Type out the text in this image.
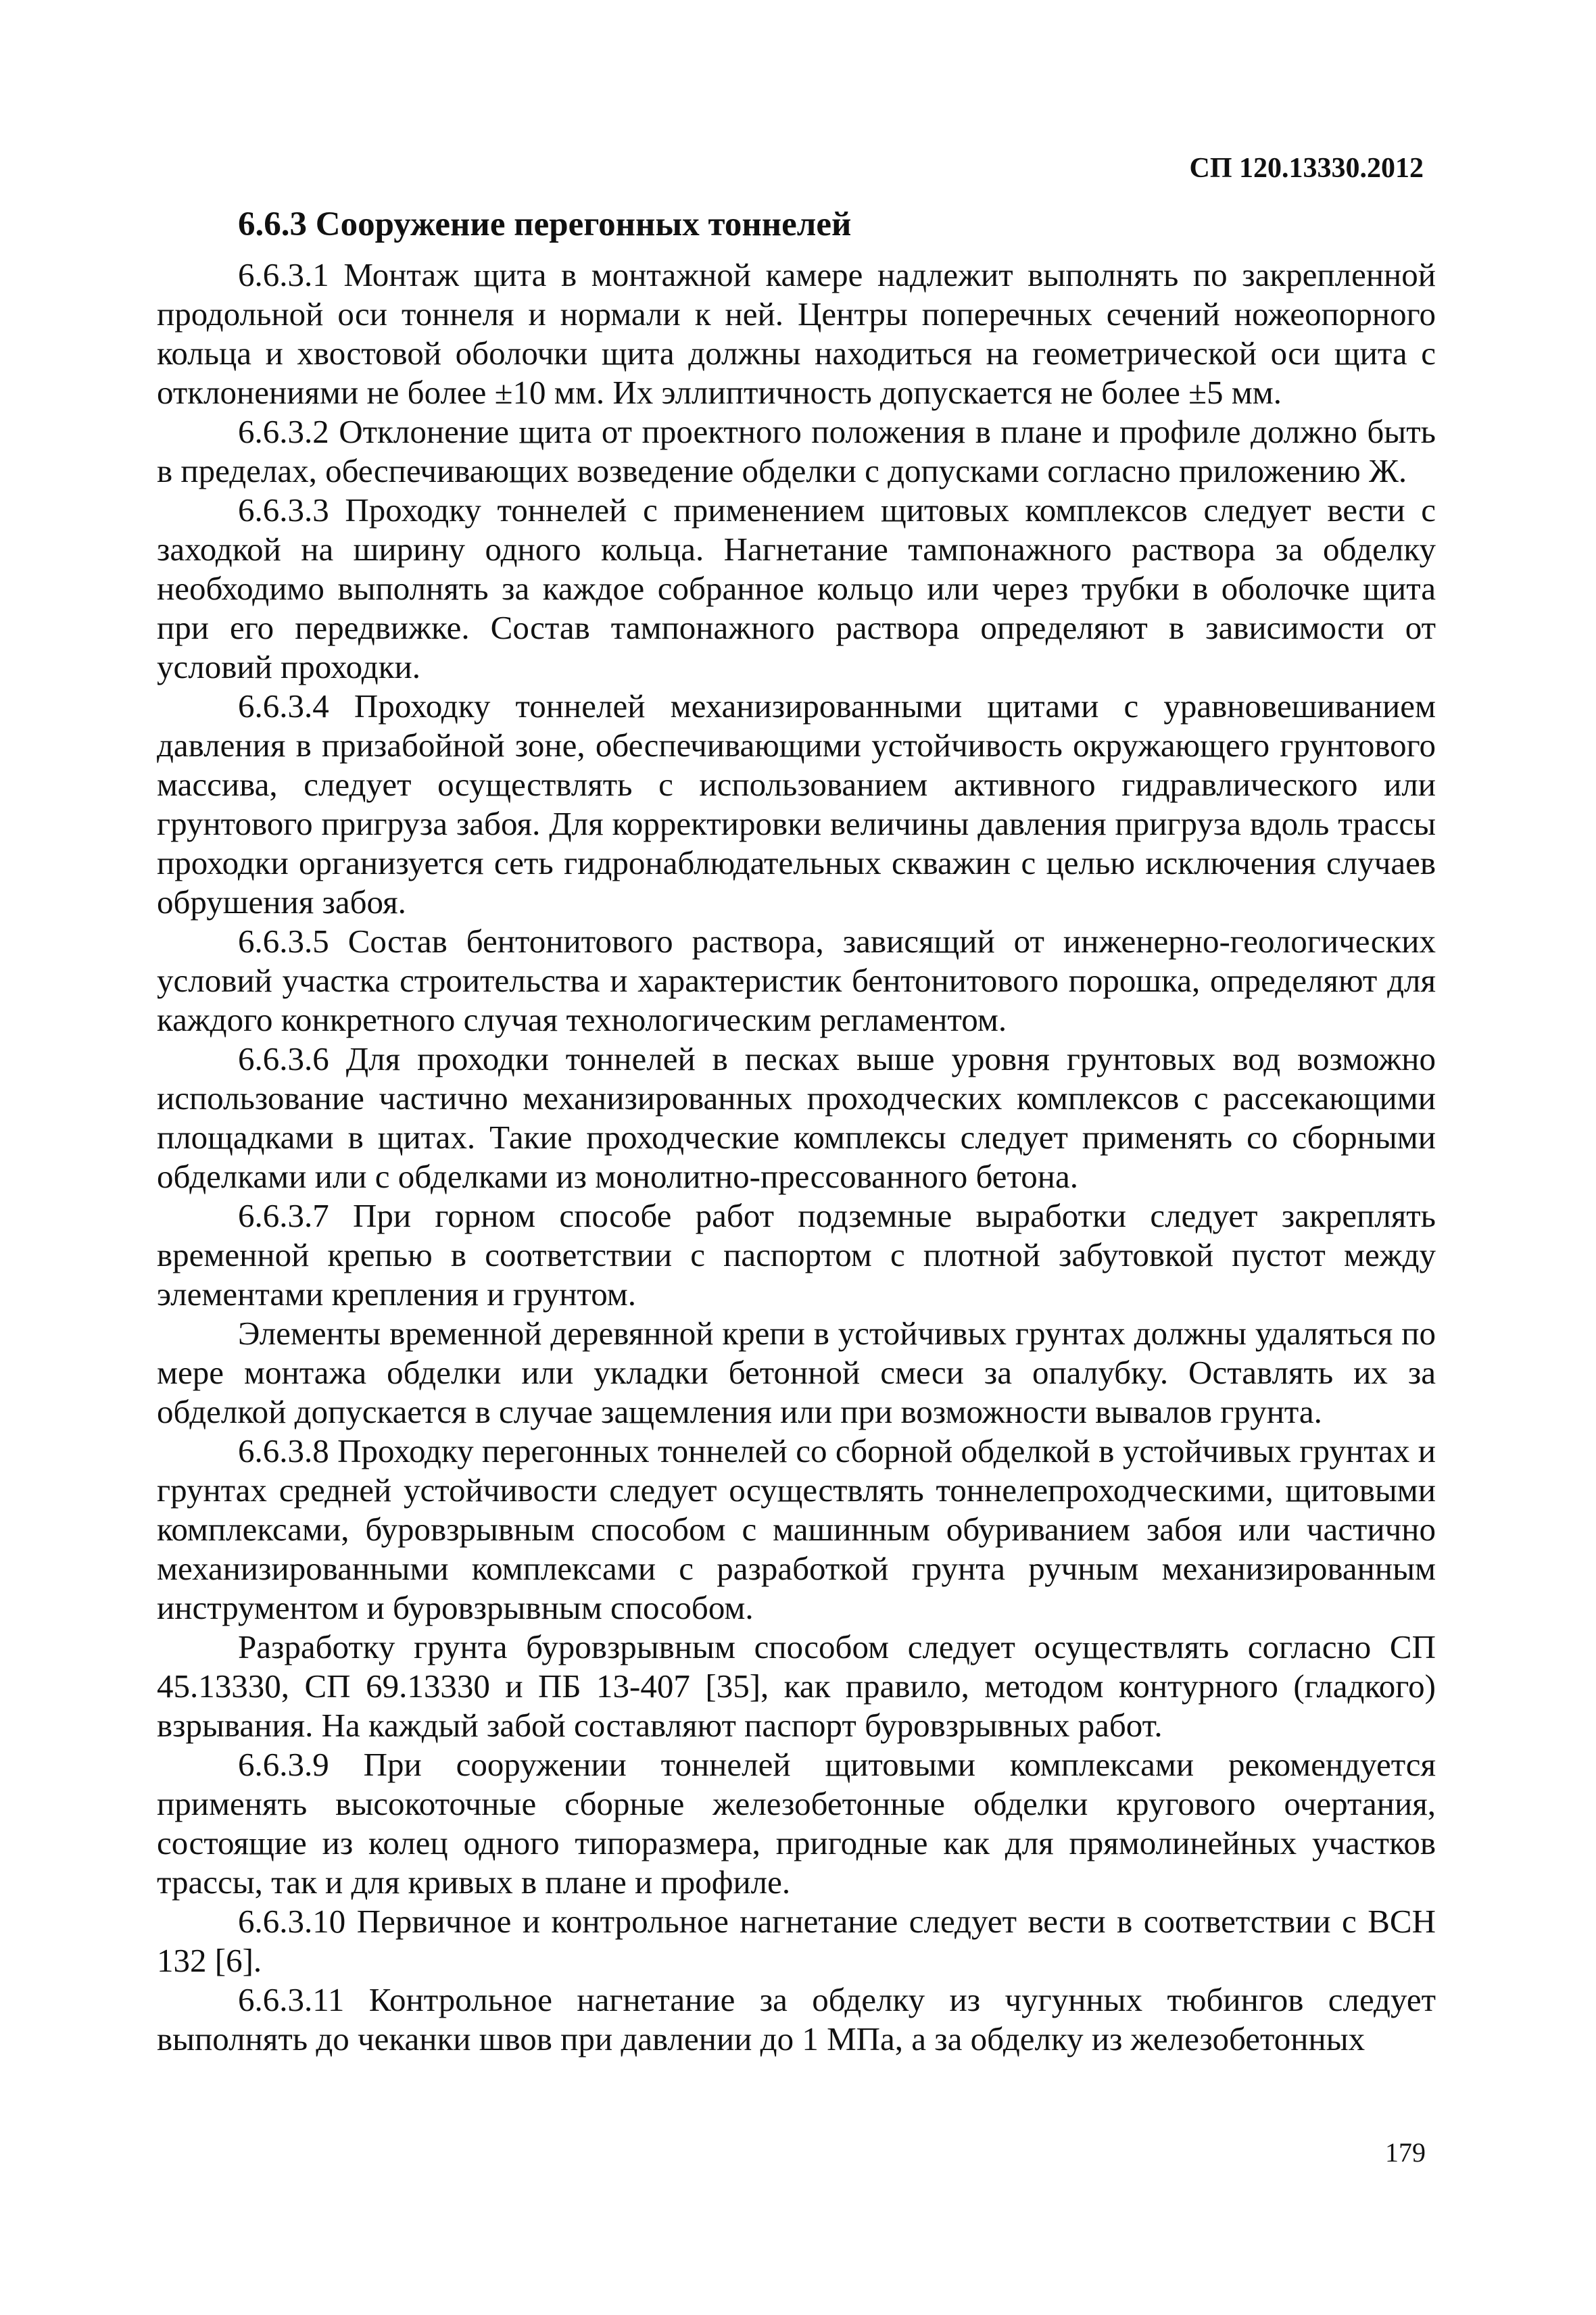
СП 120.13330.2012
6.6.3 Сооружение перегонных тоннелей

6.6.3.1 Монтаж щита в монтажной камере надлежит выполнять по закрепленной продольной оси тоннеля и нормали к ней. Центры поперечных сечений ножеопорного кольца и хвостовой оболочки щита должны находиться на геометрической оси щита с отклонениями не более ±10 мм. Их эллиптичность допускается не более ±5 мм.

6.6.3.2 Отклонение щита от проектного положения в плане и профиле должно быть в пределах, обеспечивающих возведение обделки с допусками согласно приложению Ж.

6.6.3.3 Проходку тоннелей с применением щитовых комплексов следует вести с заходкой на ширину одного кольца. Нагнетание тампонажного раствора за обделку необходимо выполнять за каждое собранное кольцо или через трубки в оболочке щита при его передвижке. Состав тампонажного раствора определяют в зависимости от условий проходки.

6.6.3.4 Проходку тоннелей механизированными щитами с уравновешиванием давления в призабойной зоне, обеспечивающими устойчивость окружающего грунтового массива, следует осуществлять с использованием активного гидравлического или грунтового пригруза забоя. Для корректировки величины давления пригруза вдоль трассы проходки организуется сеть гидронаблюдательных скважин с целью исключения случаев обрушения забоя.

6.6.3.5 Состав бентонитового раствора, зависящий от инженерно-геологических условий участка строительства и характеристик бентонитового порошка, определяют для каждого конкретного случая технологическим регламентом.

6.6.3.6 Для проходки тоннелей в песках выше уровня грунтовых вод возможно использование частично механизированных проходческих комплексов с рассекающими площадками в щитах. Такие проходческие комплексы следует применять со сборными обделками или с обделками из монолитно-прессованного бетона.

6.6.3.7 При горном способе работ подземные выработки следует закреплять временной крепью в соответствии с паспортом с плотной забутовкой пустот между элементами крепления и грунтом.

Элементы временной деревянной крепи в устойчивых грунтах должны удаляться по мере монтажа обделки или укладки бетонной смеси за опалубку. Оставлять их за обделкой допускается в случае защемления или при возможности вывалов грунта.

6.6.3.8 Проходку перегонных тоннелей со сборной обделкой в устойчивых грунтах и грунтах средней устойчивости следует осуществлять тоннелепроходческими, щитовыми комплексами, буровзрывным способом с машинным обуриванием забоя или частично механизированными комплексами с разработкой грунта ручным механизированным инструментом и буровзрывным способом.

Разработку грунта буровзрывным способом следует осуществлять согласно СП 45.13330, СП 69.13330 и ПБ 13-407 [35], как правило, методом контурного (гладкого) взрывания. На каждый забой составляют паспорт буровзрывных работ.

6.6.3.9 При сооружении тоннелей щитовыми комплексами рекомендуется применять высокоточные сборные железобетонные обделки кругового очертания, состоящие из колец одного типоразмера, пригодные как для прямолинейных участков трассы, так и для кривых в плане и профиле.

6.6.3.10 Первичное и контрольное нагнетание следует вести в соответствии с ВСН 132 [6].

6.6.3.11 Контрольное нагнетание за обделку из чугунных тюбингов следует выполнять до чеканки швов при давлении до 1 МПа, а за обделку из железобетонных

179
